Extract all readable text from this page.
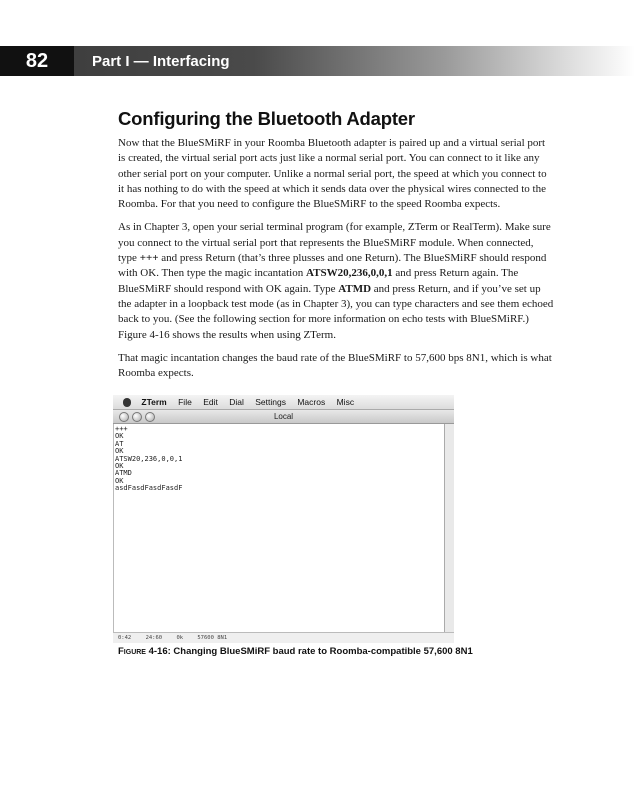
82	Part I — Interfacing
Configuring the Bluetooth Adapter

Now that the BlueSMiRF in your Roomba Bluetooth adapter is paired up and a virtual serial port is created, the virtual serial port acts just like a normal serial port. You can connect to it like any other serial port on your computer. Unlike a normal serial port, the speed at which you connect to it has nothing to do with the speed at which it sends data over the physical wires connected to the Roomba. For that you need to configure the BlueSMiRF to the speed Roomba expects.

As in Chapter 3, open your serial terminal program (for example, ZTerm or RealTerm). Make sure you connect to the virtual serial port that represents the BlueSMiRF module. When connected, type +++ and press Return (that’s three plusses and one Return). The BlueSMiRF should respond with OK. Then type the magic incantation ATSW20,236,0,0,1 and press Return again. The BlueSMiRF should respond with OK again. Type ATMD and press Return, and if you’ve set up the adapter in a loopback test mode (as in Chapter 3), you can type characters and see them echoed back to you. (See the following section for more information on echo tests with BlueSMiRF.) Figure 4-16 shows the results when using ZTerm.

That magic incantation changes the baud rate of the BlueSMiRF to 57,600 bps 8N1, which is what Roomba expects.

ZTerm File Edit Dial Settings Macros Misc
Local
+++
OK
AT
OK
ATSW20,236,0,0,1
OK
ATMD
OK
asdFasdFasdFasdF
0:42	24:60	0k	57600 8N1
Figure 4-16: Changing BlueSMiRF baud rate to Roomba-compatible 57,600 8N1
